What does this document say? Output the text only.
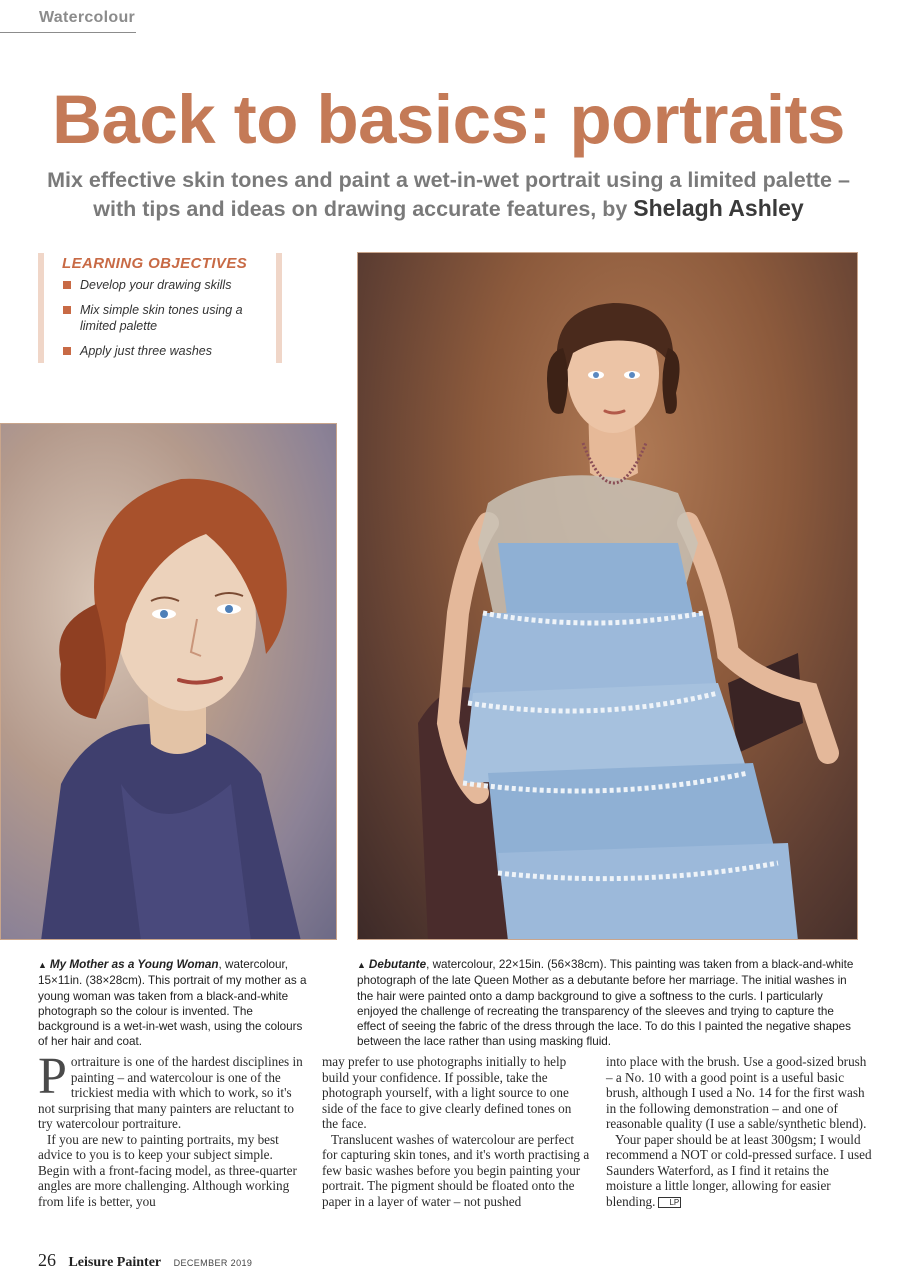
Watercolour
Back to basics: portraits
Mix effective skin tones and paint a wet-in-wet portrait using a limited palette – with tips and ideas on drawing accurate features, by Shelagh Ashley
LEARNING OBJECTIVES
Develop your drawing skills
Mix simple skin tones using a limited palette
Apply just three washes
▲ My Mother as a Young Woman, watercolour, 15×11in. (38×28cm). This portrait of my mother as a young woman was taken from a black-and-white photograph so the colour is invented. The background is a wet-in-wet wash, using the colours of her hair and coat.
▲ Debutante, watercolour, 22×15in. (56×38cm). This painting was taken from a black-and-white photograph of the late Queen Mother as a debutante before her marriage. The initial washes in the hair were painted onto a damp background to give a softness to the curls. I particularly enjoyed the challenge of recreating the transparency of the sleeves and trying to capture the effect of seeing the fabric of the dress through the lace. To do this I painted the negative shapes between the lace rather than using masking fluid.

Portraiture is one of the hardest disciplines in painting – and watercolour is one of the trickiest media with which to work, so it's not surprising that many painters are reluctant to try watercolour portraiture.

If you are new to painting portraits, my best advice to you is to keep your subject simple. Begin with a front-facing model, as three-quarter angles are more challenging. Although working from life is better, you

may prefer to use photographs initially to help build your confidence. If possible, take the photograph yourself, with a light source to one side of the face to give clearly defined tones on the face.

Translucent washes of watercolour are perfect for capturing skin tones, and it's worth practising a few basic washes before you begin painting your portrait. The pigment should be floated onto the paper in a layer of water – not pushed

into place with the brush. Use a good-sized brush – a No. 10 with a good point is a useful basic brush, although I used a No. 14 for the first wash in the following demonstration – and one of reasonable quality (I use a sable/synthetic blend).

Your paper should be at least 300gsm; I would recommend a NOT or cold-pressed surface. I used Saunders Waterford, as I find it retains the moisture a little longer, allowing for easier blending. LP

26 Leisure Painter DECEMBER 2019
